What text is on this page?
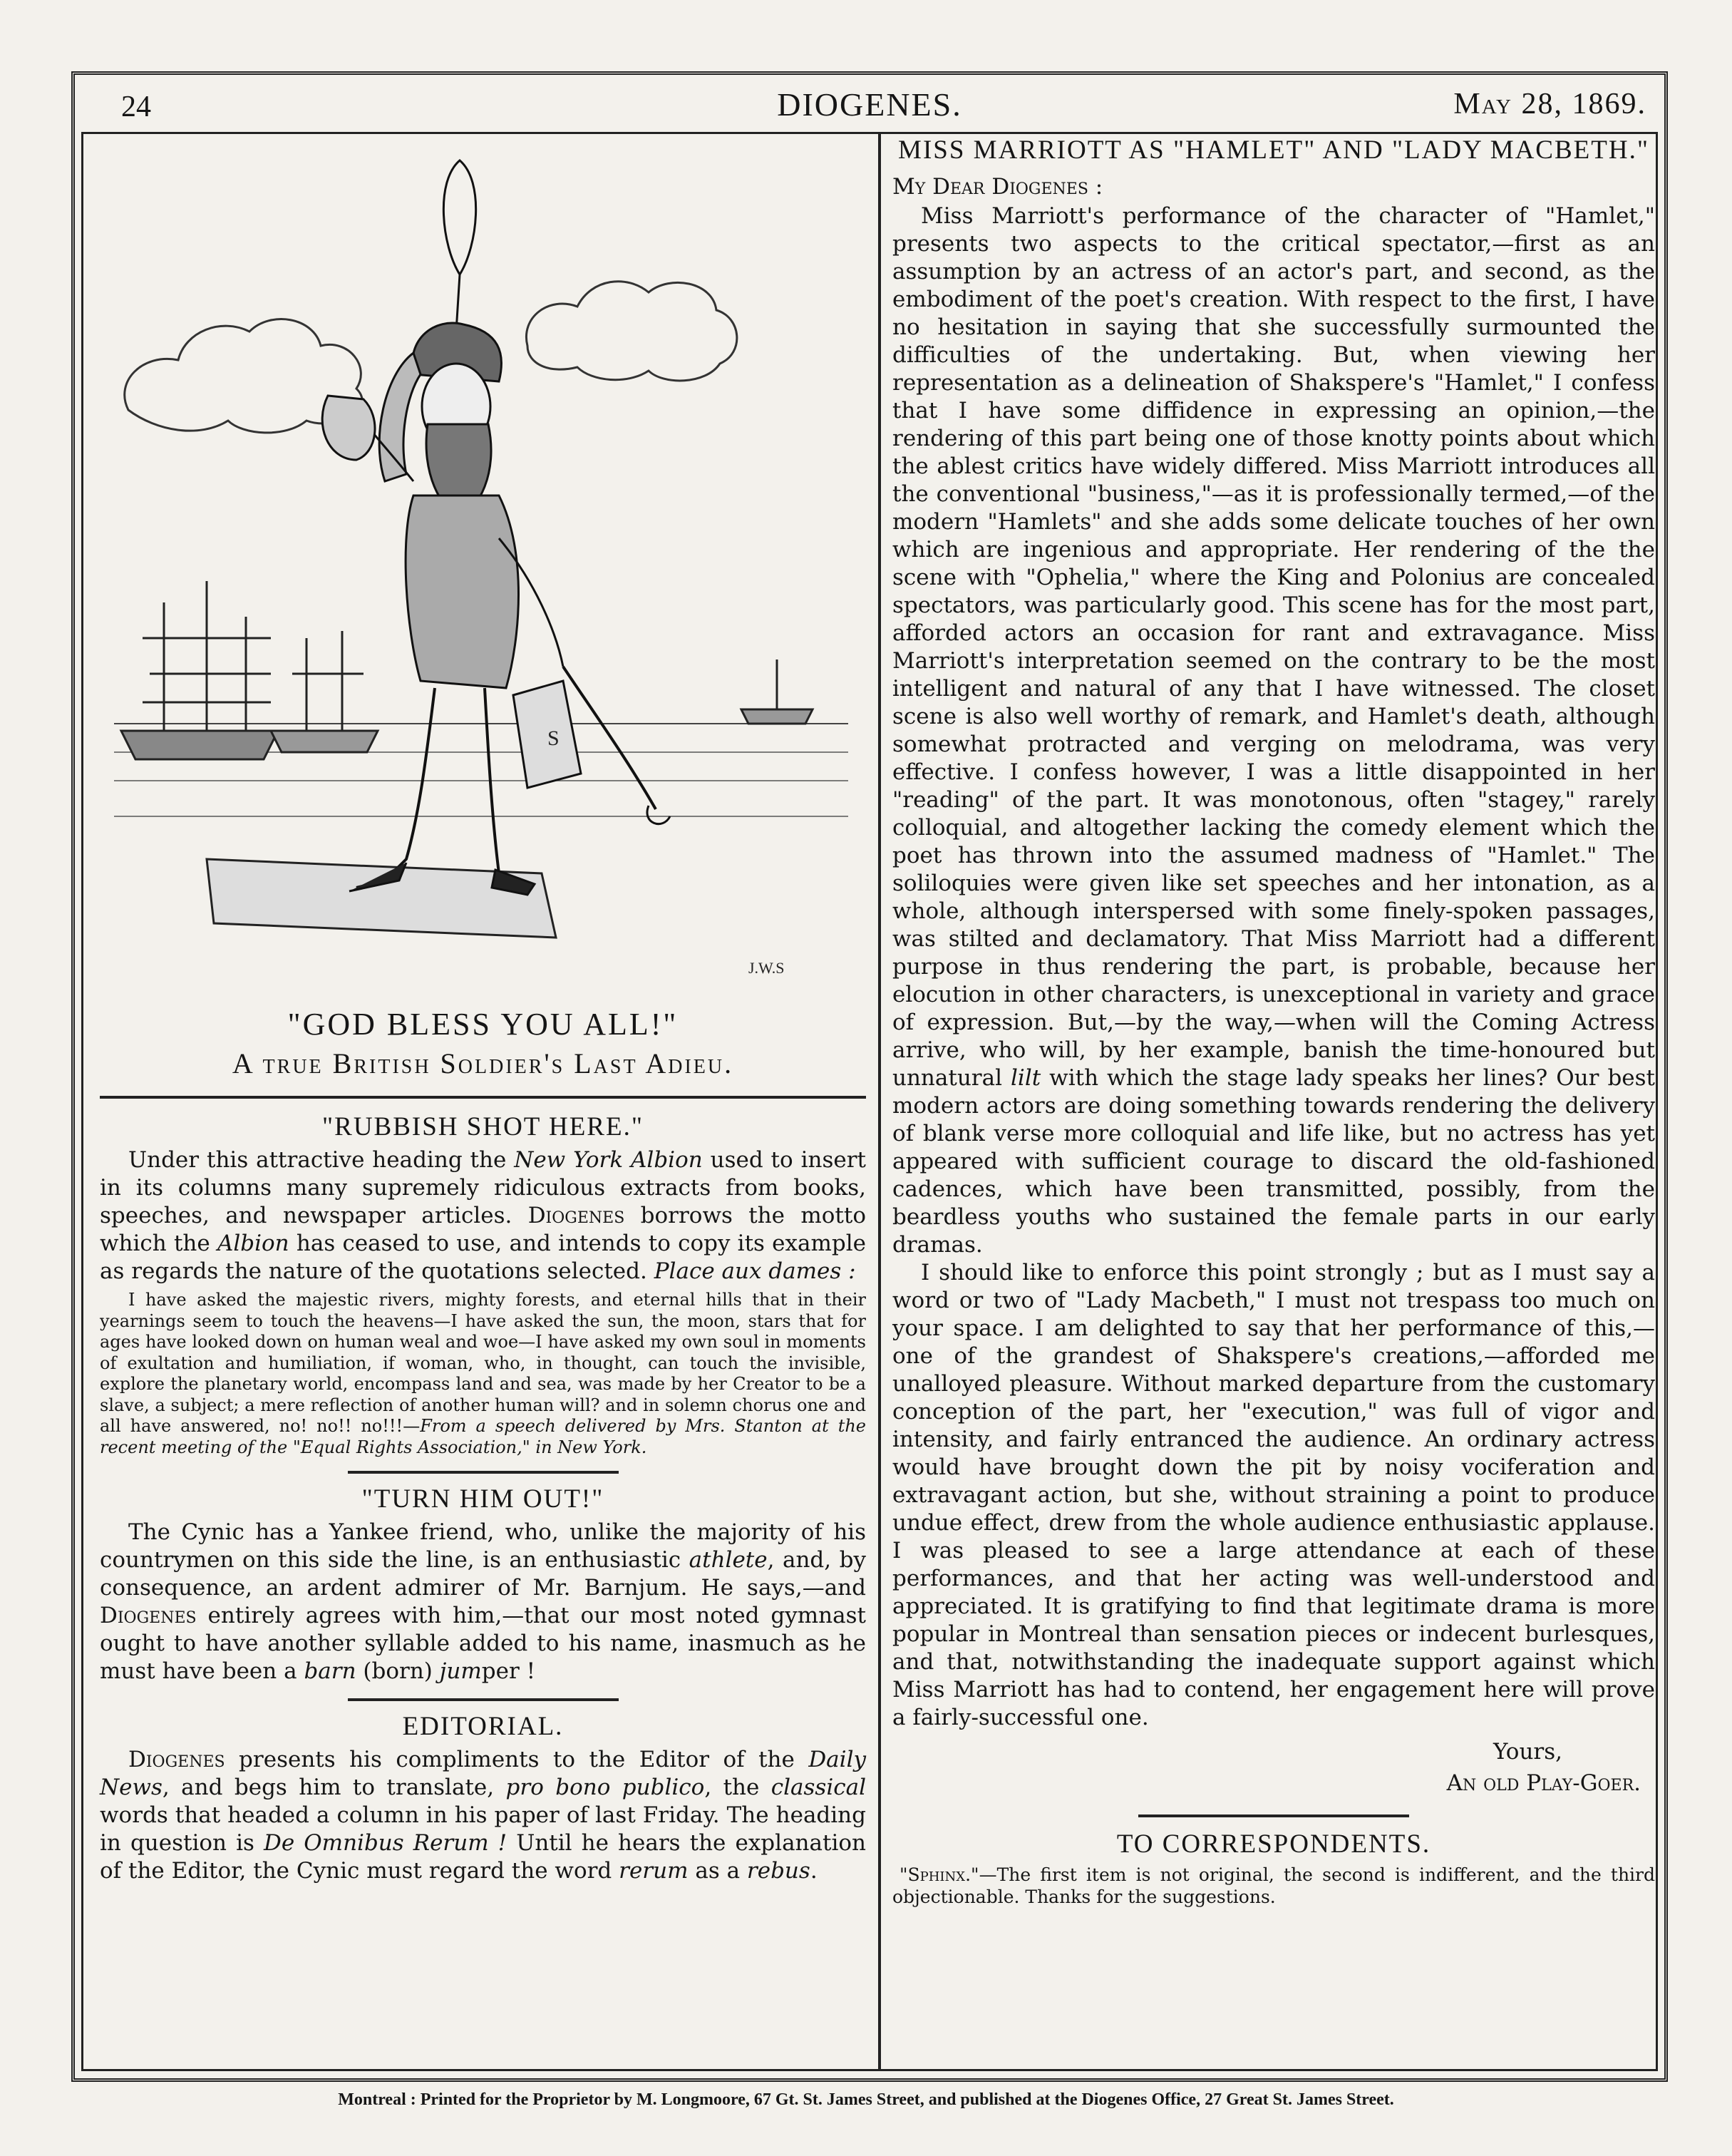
24	DIOGENES.	May 28, 1869.
S
J.W.S
"GOD BLESS YOU ALL!"
A true British Soldier's Last Adieu.
"RUBBISH SHOT HERE."

Under this attractive heading the New York Albion used to insert in its columns many supremely ridiculous extracts from books, speeches, and newspaper articles. Diogenes borrows the motto which the Albion has ceased to use, and intends to copy its example as regards the nature of the quotations selected. Place aux dames :

I have asked the majestic rivers, mighty forests, and eternal hills that in their yearnings seem to touch the heavens—I have asked the sun, the moon, stars that for ages have looked down on human weal and woe—I have asked my own soul in moments of exultation and humiliation, if woman, who, in thought, can touch the invisible, explore the planetary world, encompass land and sea, was made by her Creator to be a slave, a subject; a mere reflection of another human will? and in solemn chorus one and all have answered, no! no!! no!!!—From a speech delivered by Mrs. Stanton at the recent meeting of the "Equal Rights Association," in New York.

"TURN HIM OUT!"

The Cynic has a Yankee friend, who, unlike the majority of his countrymen on this side the line, is an enthusiastic athlete, and, by consequence, an ardent admirer of Mr. Barnjum. He says,—and Diogenes entirely agrees with him,—that our most noted gymnast ought to have another syllable added to his name, inasmuch as he must have been a barn (born) jumper !

EDITORIAL.

Diogenes presents his compliments to the Editor of the Daily News, and begs him to translate, pro bono publico, the classical words that headed a column in his paper of last Friday. The heading in question is De Omnibus Rerum ! Until he hears the explanation of the Editor, the Cynic must regard the word rerum as a rebus.

MISS MARRIOTT AS "HAMLET" AND "LADY MACBETH."
My Dear Diogenes :

Miss Marriott's performance of the character of "Hamlet," presents two aspects to the critical spectator,—first as an assumption by an actress of an actor's part, and second, as the embodiment of the poet's creation. With respect to the first, I have no hesitation in saying that she successfully surmounted the difficulties of the undertaking. But, when viewing her representation as a delineation of Shakspere's "Hamlet," I confess that I have some diffidence in expressing an opinion,—the rendering of this part being one of those knotty points about which the ablest critics have widely differed. Miss Marriott introduces all the conventional "business,"—as it is professionally termed,—of the modern "Hamlets" and she adds some delicate touches of her own which are ingenious and appropriate. Her rendering of the the scene with "Ophelia," where the King and Polonius are concealed spectators, was particularly good. This scene has for the most part, afforded actors an occasion for rant and extravagance. Miss Marriott's interpretation seemed on the contrary to be the most intelligent and natural of any that I have witnessed. The closet scene is also well worthy of remark, and Hamlet's death, although somewhat protracted and verging on melodrama, was very effective. I confess however, I was a little disappointed in her "reading" of the part. It was monotonous, often "stagey," rarely colloquial, and altogether lacking the comedy element which the poet has thrown into the assumed madness of "Hamlet." The soliloquies were given like set speeches and her intonation, as a whole, although interspersed with some finely-spoken passages, was stilted and declamatory. That Miss Marriott had a different purpose in thus rendering the part, is probable, because her elocution in other characters, is unexceptional in variety and grace of expression. But,—by the way,—when will the Coming Actress arrive, who will, by her example, banish the time-honoured but unnatural lilt with which the stage lady speaks her lines? Our best modern actors are doing something towards rendering the delivery of blank verse more colloquial and life like, but no actress has yet appeared with sufficient courage to discard the old-fashioned cadences, which have been transmitted, possibly, from the beardless youths who sustained the female parts in our early dramas.

I should like to enforce this point strongly ; but as I must say a word or two of "Lady Macbeth," I must not trespass too much on your space. I am delighted to say that her performance of this,—one of the grandest of Shakspere's creations,—afforded me unalloyed pleasure. Without marked departure from the customary conception of the part, her "execution," was full of vigor and intensity, and fairly entranced the audience. An ordinary actress would have brought down the pit by noisy vociferation and extravagant action, but she, without straining a point to produce undue effect, drew from the whole audience enthusiastic applause. I was pleased to see a large attendance at each of these performances, and that her acting was well-understood and appreciated. It is gratifying to find that legitimate drama is more popular in Montreal than sensation pieces or indecent burlesques, and that, notwithstanding the inadequate support against which Miss Marriott has had to contend, her engagement here will prove a fairly-successful one.

Yours,
An old Play-Goer.
TO CORRESPONDENTS.

"Sphinx."—The first item is not original, the second is indifferent, and the third objectionable. Thanks for the suggestions.

Montreal : Printed for the Proprietor by M. Longmoore, 67 Gt. St. James Street, and published at the Diogenes Office, 27 Great St. James Street.
